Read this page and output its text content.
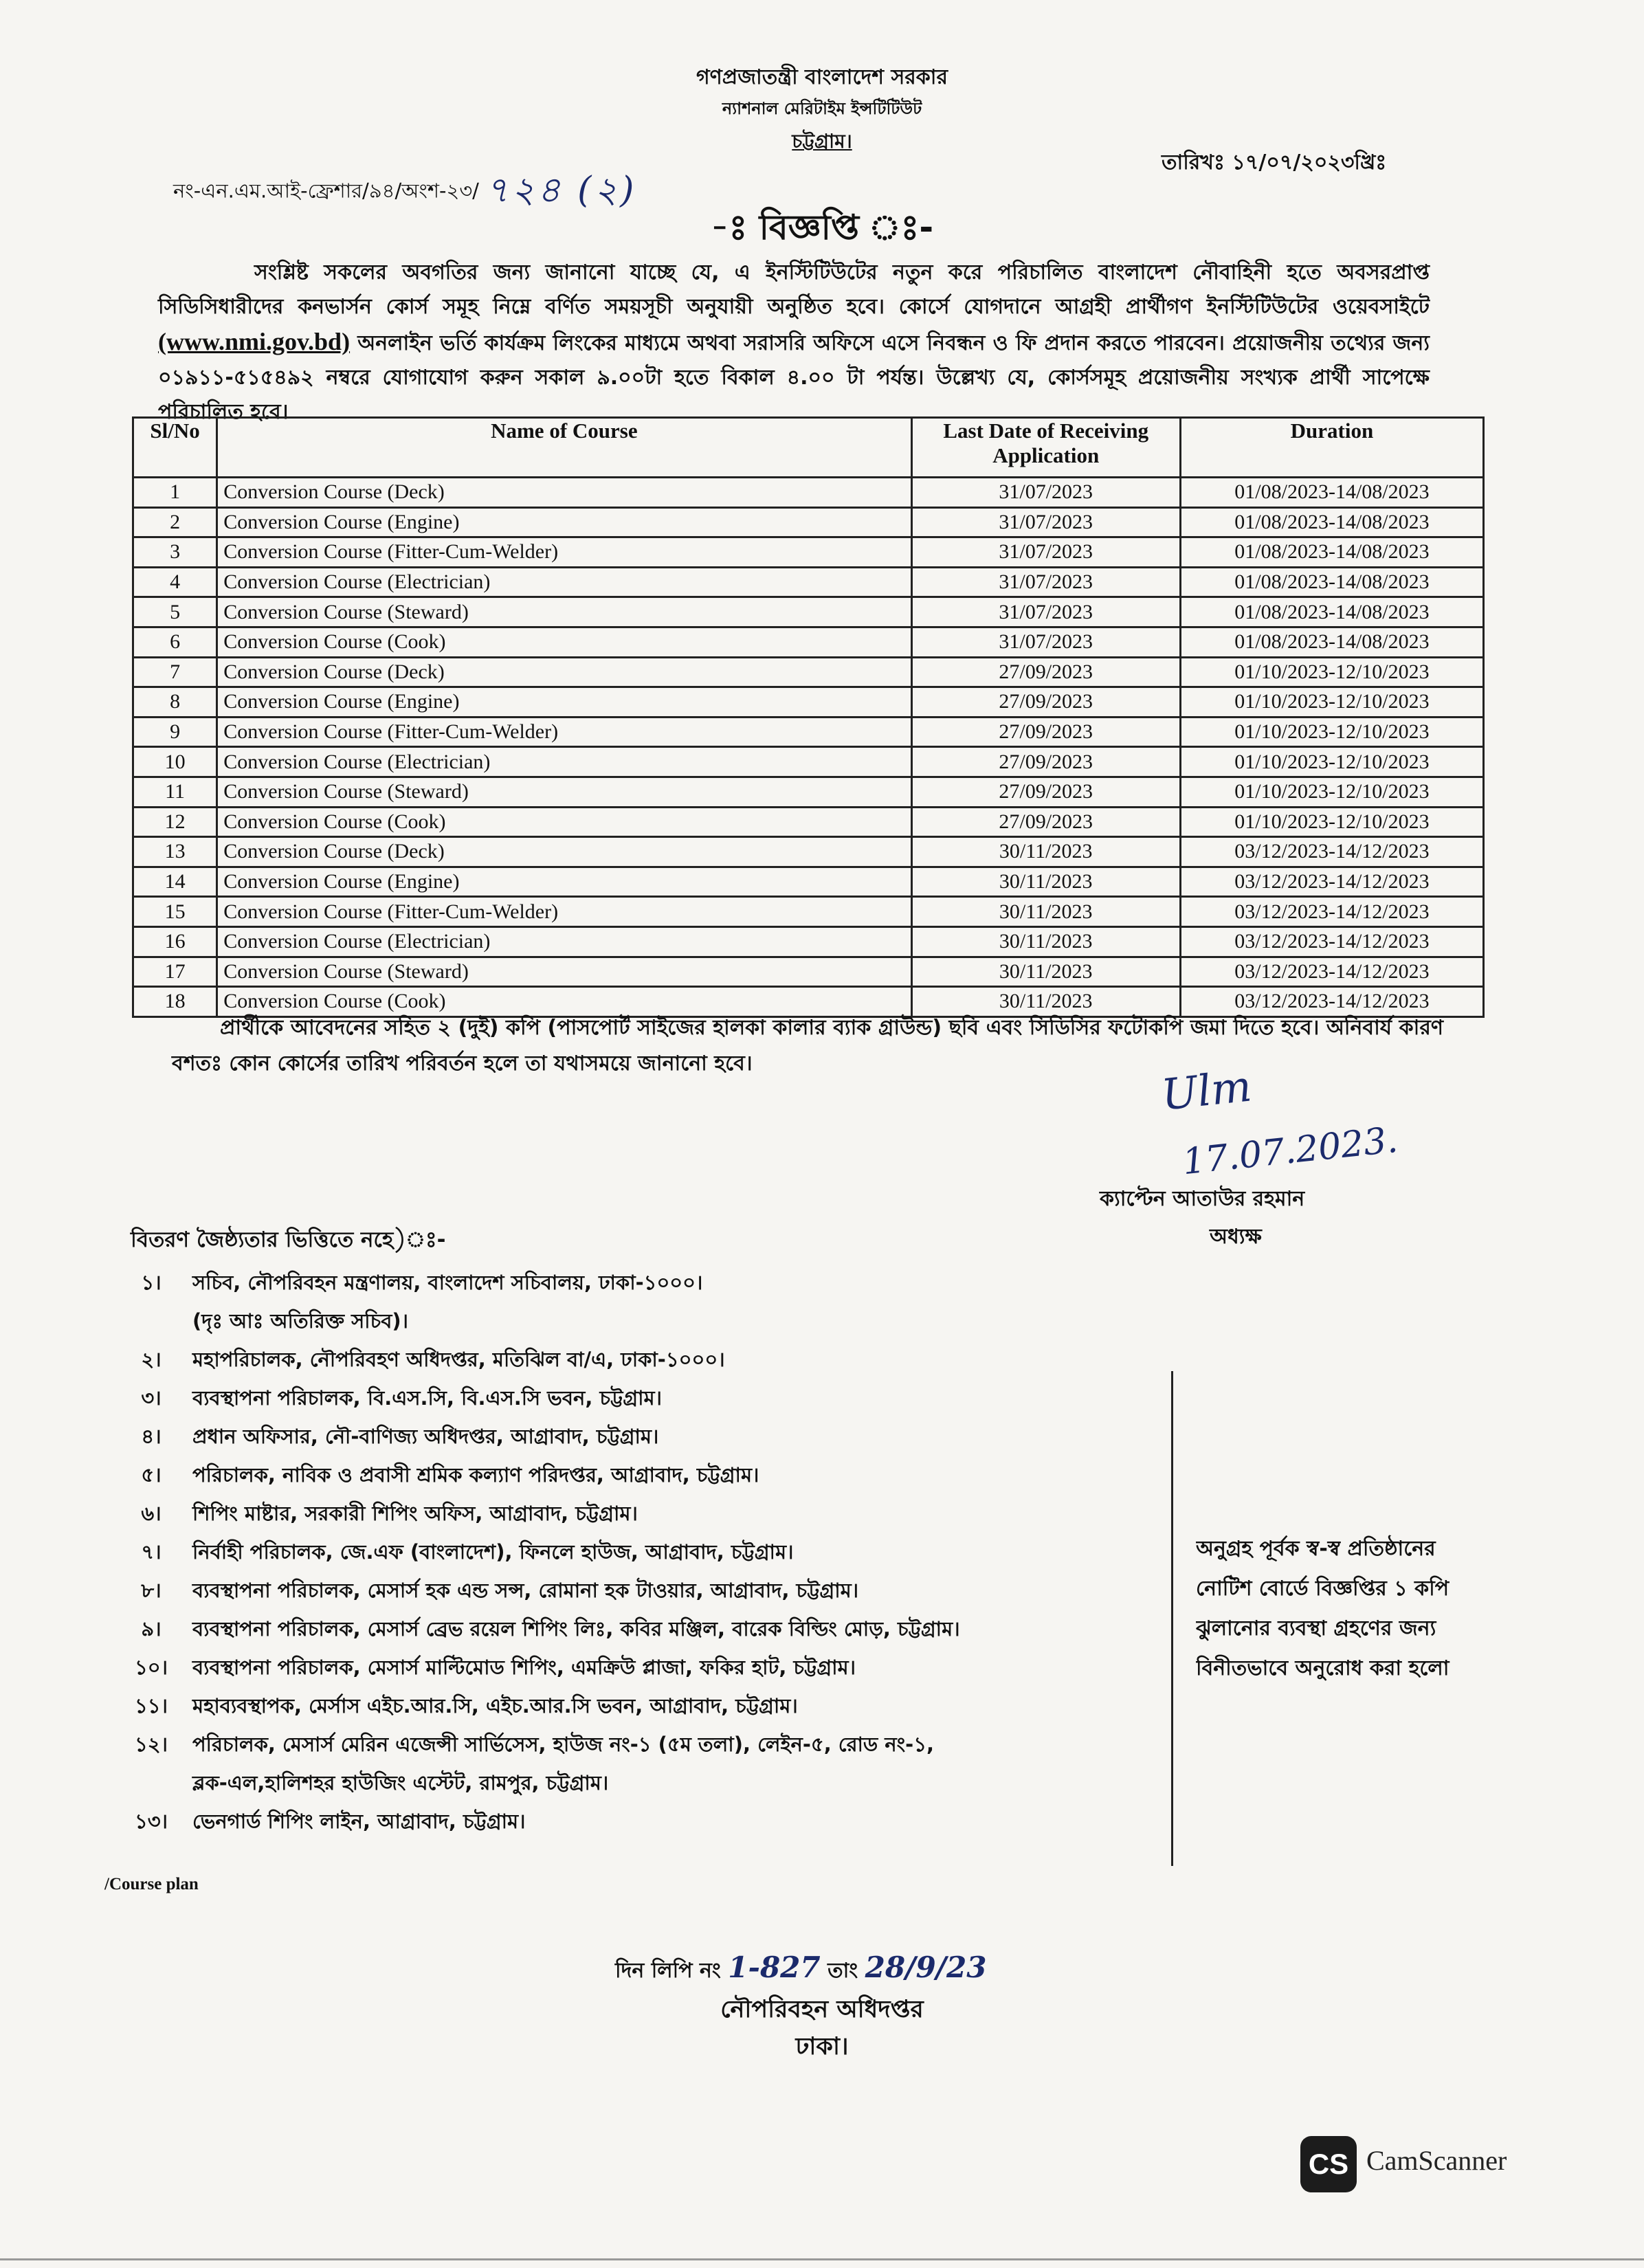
গণপ্রজাতন্ত্রী বাংলাদেশ সরকার
ন্যাশনাল মেরিটাইম ইন্সটিটিউট
চট্টগ্রাম।
নং-এন.এম.আই-ফ্রেশার/৯৪/অংশ-২৩/ ৭২৪ (২)
তারিখঃ ১৭/০৭/২০২৩খ্রিঃ
-ঃ বিজ্ঞপ্তি ঃ-
সংশ্লিষ্ট সকলের অবগতির জন্য জানানো যাচ্ছে যে, এ ইনস্টিটিউটের নতুন করে পরিচালিত বাংলাদেশ নৌবাহিনী হতে অবসরপ্রাপ্ত সিডিসিধারীদের কনভার্সন কোর্স সমূহ নিম্নে বর্ণিত সময়সূচী অনুযায়ী অনুষ্ঠিত হবে। কোর্সে যোগদানে আগ্রহী প্রার্থীগণ ইনস্টিটিউটের ওয়েবসাইটে (www.nmi.gov.bd) অনলাইন ভর্তি কার্যক্রম লিংকের মাধ্যমে অথবা সরাসরি অফিসে এসে নিবন্ধন ও ফি প্রদান করতে পারবেন। প্রয়োজনীয় তথ্যের জন্য ০১৯১১-৫১৫৪৯২ নম্বরে যোগাযোগ করুন সকাল ৯.০০টা হতে বিকাল ৪.০০ টা পর্যন্ত। উল্লেখ্য যে, কোর্সসমূহ প্রয়োজনীয় সংখ্যক প্রার্থী সাপেক্ষে পরিচালিত হবে।
Sl/No	Name of Course	Last Date of Receiving Application	Duration
1	Conversion Course (Deck)	31/07/2023	01/08/2023-14/08/2023
2	Conversion Course (Engine)	31/07/2023	01/08/2023-14/08/2023
3	Conversion Course (Fitter-Cum-Welder)	31/07/2023	01/08/2023-14/08/2023
4	Conversion Course (Electrician)	31/07/2023	01/08/2023-14/08/2023
5	Conversion Course (Steward)	31/07/2023	01/08/2023-14/08/2023
6	Conversion Course (Cook)	31/07/2023	01/08/2023-14/08/2023
7	Conversion Course (Deck)	27/09/2023	01/10/2023-12/10/2023
8	Conversion Course (Engine)	27/09/2023	01/10/2023-12/10/2023
9	Conversion Course (Fitter-Cum-Welder)	27/09/2023	01/10/2023-12/10/2023
10	Conversion Course (Electrician)	27/09/2023	01/10/2023-12/10/2023
11	Conversion Course (Steward)	27/09/2023	01/10/2023-12/10/2023
12	Conversion Course (Cook)	27/09/2023	01/10/2023-12/10/2023
13	Conversion Course (Deck)	30/11/2023	03/12/2023-14/12/2023
14	Conversion Course (Engine)	30/11/2023	03/12/2023-14/12/2023
15	Conversion Course (Fitter-Cum-Welder)	30/11/2023	03/12/2023-14/12/2023
16	Conversion Course (Electrician)	30/11/2023	03/12/2023-14/12/2023
17	Conversion Course (Steward)	30/11/2023	03/12/2023-14/12/2023
18	Conversion Course (Cook)	30/11/2023	03/12/2023-14/12/2023
প্রার্থীকে আবেদনের সহিত ২ (দুই) কপি (পাসপোর্ট সাইজের হালকা কালার ব্যাক গ্রাউন্ড) ছবি এবং সিডিসির ফটোকপি জমা দিতে হবে। অনিবার্য কারণ বশতঃ কোন কোর্সের তারিখ পরিবর্তন হলে তা যথাসময়ে জানানো হবে।	Ulm
17.07.2023.
ক্যাপ্টেন আতাউর রহমান
অধ্যক্ষ
বিতরণ জৈষ্ঠ্যতার ভিত্তিতে নহে)ঃ-
১।	সচিব, নৌপরিবহন মন্ত্রণালয়, বাংলাদেশ সচিবালয়, ঢাকা-১০০০।
(দৃঃ আঃ অতিরিক্ত সচিব)।
২।	মহাপরিচালক, নৌপরিবহণ অধিদপ্তর, মতিঝিল বা/এ, ঢাকা-১০০০।
৩।	ব্যবস্থাপনা পরিচালক, বি.এস.সি, বি.এস.সি ভবন, চট্টগ্রাম।
৪।	প্রধান অফিসার, নৌ-বাণিজ্য অধিদপ্তর, আগ্রাবাদ, চট্টগ্রাম।
৫।	পরিচালক, নাবিক ও প্রবাসী শ্রমিক কল্যাণ পরিদপ্তর, আগ্রাবাদ, চট্টগ্রাম।
৬।	শিপিং মাষ্টার, সরকারী শিপিং অফিস, আগ্রাবাদ, চট্টগ্রাম।
৭।	নির্বাহী পরিচালক, জে.এফ (বাংলাদেশ), ফিনলে হাউজ, আগ্রাবাদ, চট্টগ্রাম।
৮।	ব্যবস্থাপনা পরিচালক, মেসার্স হক এন্ড সন্স, রোমানা হক টাওয়ার, আগ্রাবাদ, চট্টগ্রাম।
৯।	ব্যবস্থাপনা পরিচালক, মেসার্স ব্রেভ রয়েল শিপিং লিঃ, কবির মঞ্জিল, বারেক বিল্ডিং মোড়, চট্টগ্রাম।
১০।	ব্যবস্থাপনা পরিচালক, মেসার্স মাল্টিমোড শিপিং, এমক্রিউ প্লাজা, ফকির হাট, চট্টগ্রাম।
১১।	মহাব্যবস্থাপক, মের্সাস এইচ.আর.সি, এইচ.আর.সি ভবন, আগ্রাবাদ, চট্টগ্রাম।
১২।	পরিচালক, মেসার্স মেরিন এজেন্সী সার্ভিসেস, হাউজ নং-১ (৫ম তলা), লেইন-৫, রোড নং-১,
ব্লক-এল,হালিশহর হাউজিং এস্টেট, রামপুর, চট্টগ্রাম।
১৩।	ভেনগার্ড শিপিং লাইন, আগ্রাবাদ, চট্টগ্রাম।
অনুগ্রহ পূর্বক স্ব-স্ব প্রতিষ্ঠানের
নোটিশ বোর্ডে বিজ্ঞপ্তির ১ কপি
ঝুলানোর ব্যবস্থা গ্রহণের জন্য
বিনীতভাবে অনুরোধ করা হলো
/Course plan
দিন লিপি নং 1-827 তাং 28/9/23
নৌপরিবহন অধিদপ্তর
ঢাকা।
CS CamScanner
